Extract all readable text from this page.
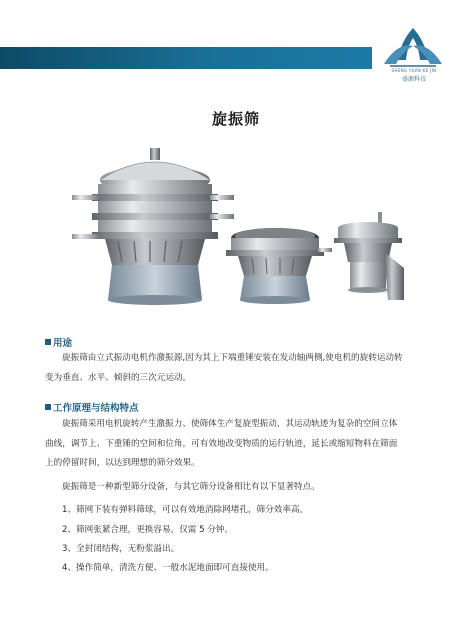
SHENG YUAN KE JIN
盛源科技
旋振筛
用途
旋振筛由立式振动电机作激振源,因为其上下端重锤安装在发动轴两侧,使电机的旋转运动转
变为垂直、水平、倾斜的三次元运动。
工作原理与结构特点
旋振筛采用电机旋转产生激振力、使筛体生产复旋型振动，其运动轨迹为复杂的空间立体
曲线，调节上、下重锤的空间和位角，可有效地改变物质的运行轨迹，延长或缩短物料在筛面
上的停留时间，以达到理想的筛分效果。
旋振筛是一种新型筛分设备，与其它筛分设备相比有以下显著特点。
1、筛网下装有弹料筛球，可以有效地消除网堵孔，筛分效率高。
2、筛网张紧合理，更换容易，仅需 5 分钟。
3、全封闭结构，无粉浆溢出。
4、操作简单，清洗方便、一般水泥地面即可直接使用。
